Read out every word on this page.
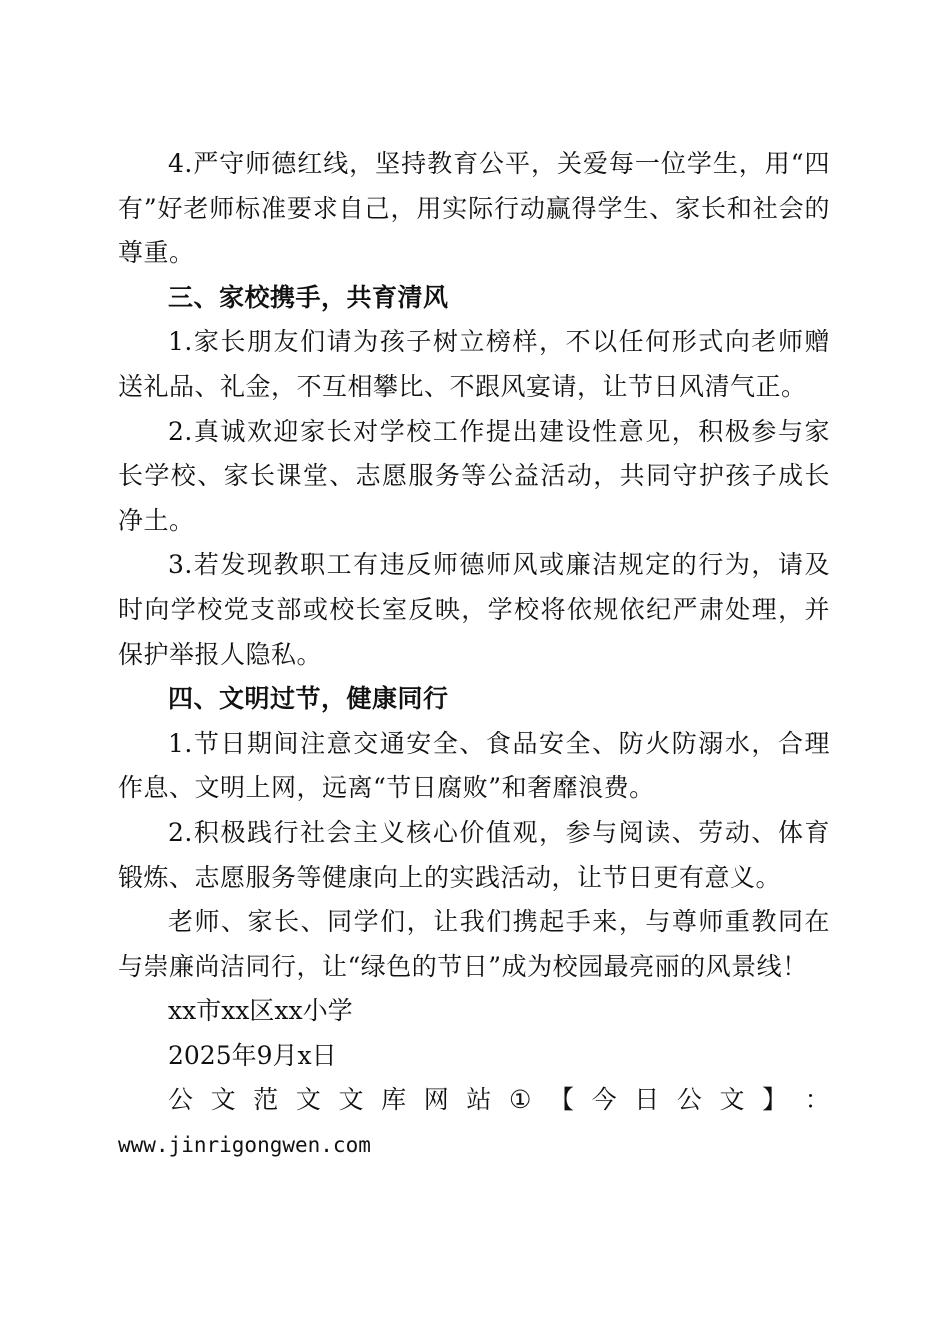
4.严守师德红线，坚持教育公平，关爱每一位学生，用“四有”好老师标准要求自己，用实际行动赢得学生、家长和社会的尊重。

三、家校携手，共育清风

1.家长朋友们请为孩子树立榜样，不以任何形式向老师赠送礼品、礼金，不互相攀比、不跟风宴请，让节日风清气正。

2.真诚欢迎家长对学校工作提出建设性意见，积极参与家长学校、家长课堂、志愿服务等公益活动，共同守护孩子成长净土。

3.若发现教职工有违反师德师风或廉洁规定的行为，请及时向学校党支部或校长室反映，学校将依规依纪严肃处理，并保护举报人隐私。

四、文明过节，健康同行

1.节日期间注意交通安全、食品安全、防火防溺水，合理作息、文明上网，远离“节日腐败”和奢靡浪费。

2.积极践行社会主义核心价值观，参与阅读、劳动、体育锻炼、志愿服务等健康向上的实践活动，让节日更有意义。

老师、家长、同学们，让我们携起手来，与尊师重教同在与崇廉尚洁同行，让“绿色的节日”成为校园最亮丽的风景线！

xx市xx区xx小学

2025年9月x日

公 文 范 文 文 库 网 站 ① 【 今 日 公 文 】 ：

www.jinrigongwen.com
